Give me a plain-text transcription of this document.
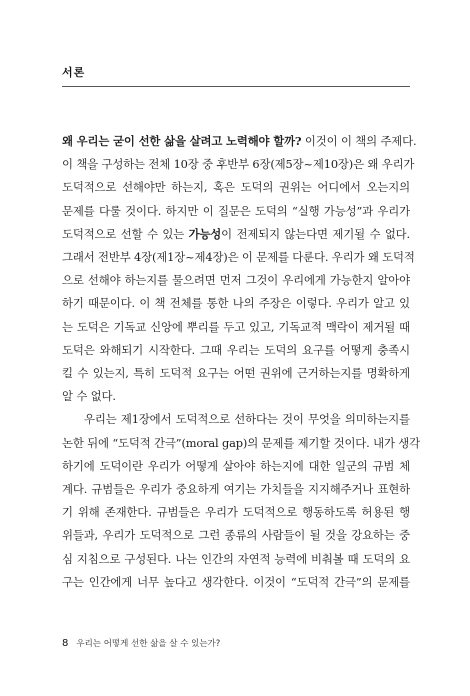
서론
왜 우리는 굳이 선한 삶을 살려고 노력해야 할까? 이것이 이 책의 주제다.
이 책을 구성하는 전체 10장 중 후반부 6장(제5장~제10장)은 왜 우리가
도덕적으로 선해야만 하는지, 혹은 도덕의 권위는 어디에서 오는지의
문제를 다룰 것이다. 하지만 이 질문은 도덕의 “실행 가능성”과 우리가
도덕적으로 선할 수 있는 가능성이 전제되지 않는다면 제기될 수 없다.
그래서 전반부 4장(제1장~제4장)은 이 문제를 다룬다. 우리가 왜 도덕적
으로 선해야 하는지를 물으려면 먼저 그것이 우리에게 가능한지 알아야
하기 때문이다. 이 책 전체를 통한 나의 주장은 이렇다. 우리가 알고 있
는 도덕은 기독교 신앙에 뿌리를 두고 있고, 기독교적 맥락이 제거될 때
도덕은 와해되기 시작한다. 그때 우리는 도덕의 요구를 어떻게 충족시
킬 수 있는지, 특히 도덕적 요구는 어떤 권위에 근거하는지를 명확하게
알 수 없다.
우리는 제1장에서 도덕적으로 선하다는 것이 무엇을 의미하는지를
논한 뒤에 “도덕적 간극”(moral gap)의 문제를 제기할 것이다. 내가 생각
하기에 도덕이란 우리가 어떻게 살아야 하는지에 대한 일군의 규범 체
계다. 규범들은 우리가 중요하게 여기는 가치들을 지지해주거나 표현하
기 위해 존재한다. 규범들은 우리가 도덕적으로 행동하도록 허용된 행
위들과, 우리가 도덕적으로 그런 종류의 사람들이 될 것을 강요하는 중
심 지침으로 구성된다. 나는 인간의 자연적 능력에 비춰볼 때 도덕의 요
구는 인간에게 너무 높다고 생각한다. 이것이 “도덕적 간극”의 문제를
8 우리는 어떻게 선한 삶을 살 수 있는가?
